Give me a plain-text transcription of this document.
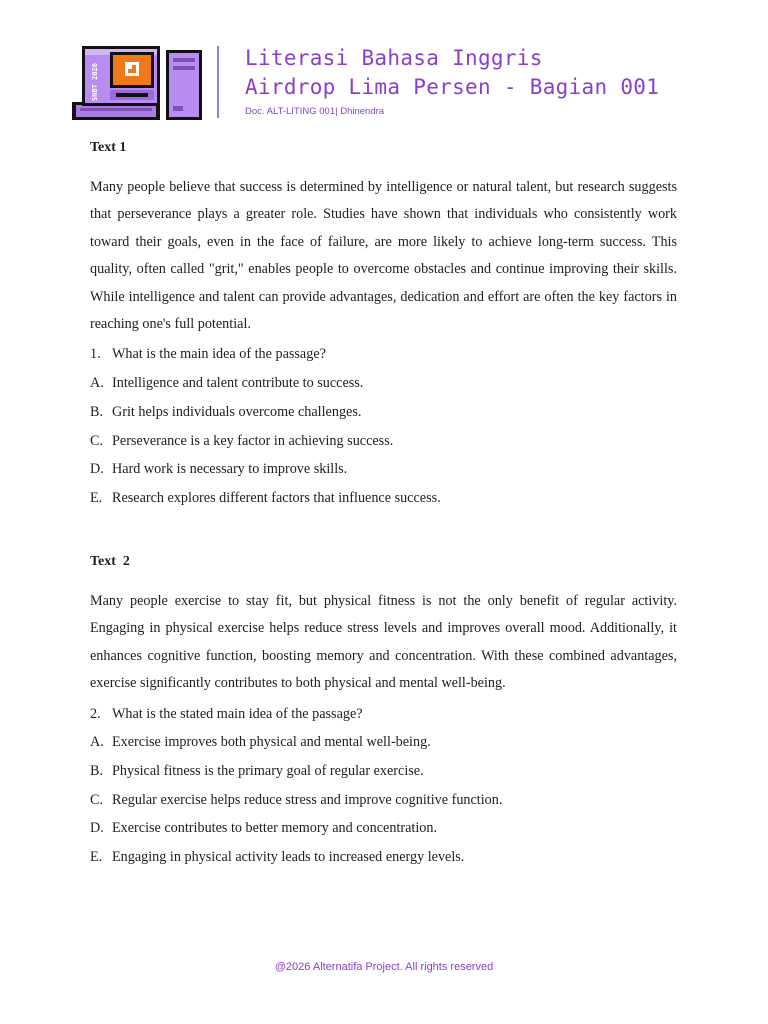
SNBT 2026
Literasi Bahasa Inggris
Airdrop Lima Persen - Bagian 001
Doc. ALT-LITING 001| Dhinendra
Text 1

Many people believe that success is determined by intelligence or natural talent, but research suggests that perseverance plays a greater role. Studies have shown that individuals who consistently work toward their goals, even in the face of failure, are more likely to achieve long-term success. This quality, often called "grit," enables people to overcome obstacles and continue improving their skills. While intelligence and talent can provide advantages, dedication and effort are often the key factors in reaching one's full potential.

1. What is the main idea of the passage?
A. Intelligence and talent contribute to success.
B. Grit helps individuals overcome challenges.
C. Perseverance is a key factor in achieving success.
D. Hard work is necessary to improve skills.
E. Research explores different factors that influence success.
Text  2

Many people exercise to stay fit, but physical fitness is not the only benefit of regular activity. Engaging in physical exercise helps reduce stress levels and improves overall mood. Additionally, it enhances cognitive function, boosting memory and concentration. With these combined advantages, exercise significantly contributes to both physical and mental well-being.

2. What is the stated main idea of the passage?
A. Exercise improves both physical and mental well-being.
B. Physical fitness is the primary goal of regular exercise.
C. Regular exercise helps reduce stress and improve cognitive function.
D. Exercise contributes to better memory and concentration.
E. Engaging in physical activity leads to increased energy levels.
@2026 Alternatifa Project. All rights reserved
